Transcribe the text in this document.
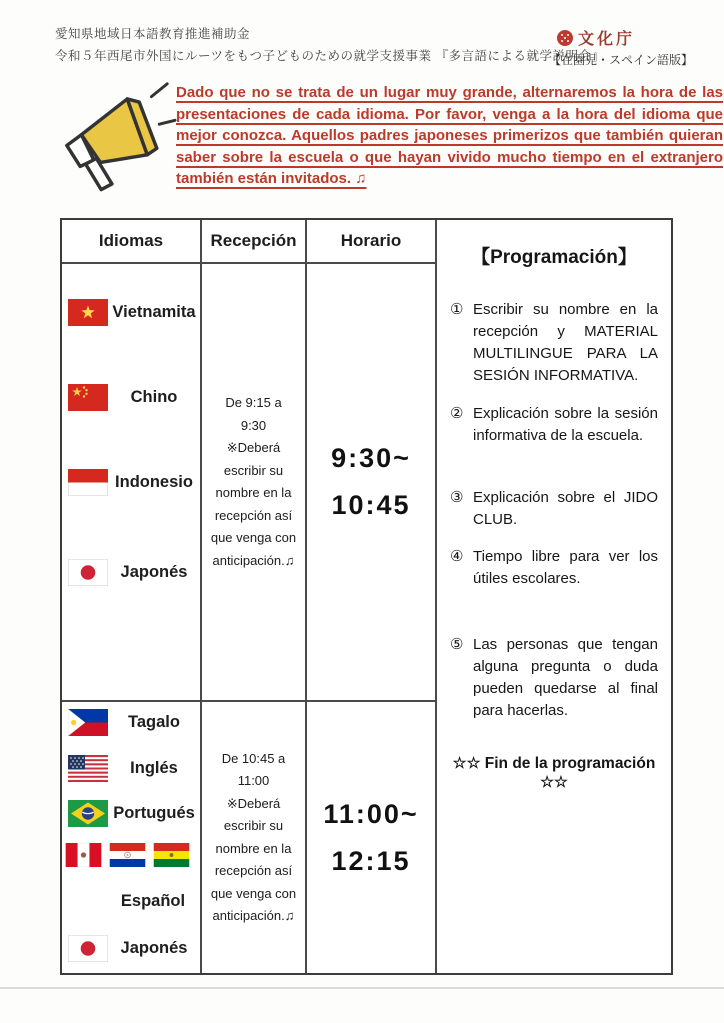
愛知県地域日本語教育推進補助金
令和５年西尾市外国にルーツをもつ子どものための就学支援事業 『多言語による就学説明会』
文化庁
【在園児・スペイン語版】

Dado que no se trata de un lugar muy grande, alternaremos la hora de las presentaciones de cada idioma. Por favor, venga a la hora del idioma que mejor conozca. Aquellos padres japoneses primerizos que también quieran saber sobre la escuela o que hayan vivido mucho tiempo en el extranjero también están invitados. ♫

Idiomas	Recepción	Horario
【Programación】
① Escribir su nombre en la recepción y MATERIAL MULTILINGUE PARA LA SESIÓN INFORMATIVA.
② Explicación sobre la sesión informativa de la escuela.
③ Explicación sobre el JIDO CLUB.
④ Tiempo libre para ver los útiles escolares.
⑤ Las personas que tengan alguna pregunta o duda pueden quedarse al final para hacerlas.
☆☆ Fin de la programación ☆☆
Vietnamita
Chino
Indonesio
Japonés
De 9:15 a 9:30
※Deberá escribir su nombre en la recepción así que venga con anticipación.♫
9:30~
10:45
Tagalo
Inglés
Portugués
Español
Japonés
De 10:45 a 11:00
※Deberá escribir su nombre en la recepción así que venga con anticipación.♫
11:00~
12:15
